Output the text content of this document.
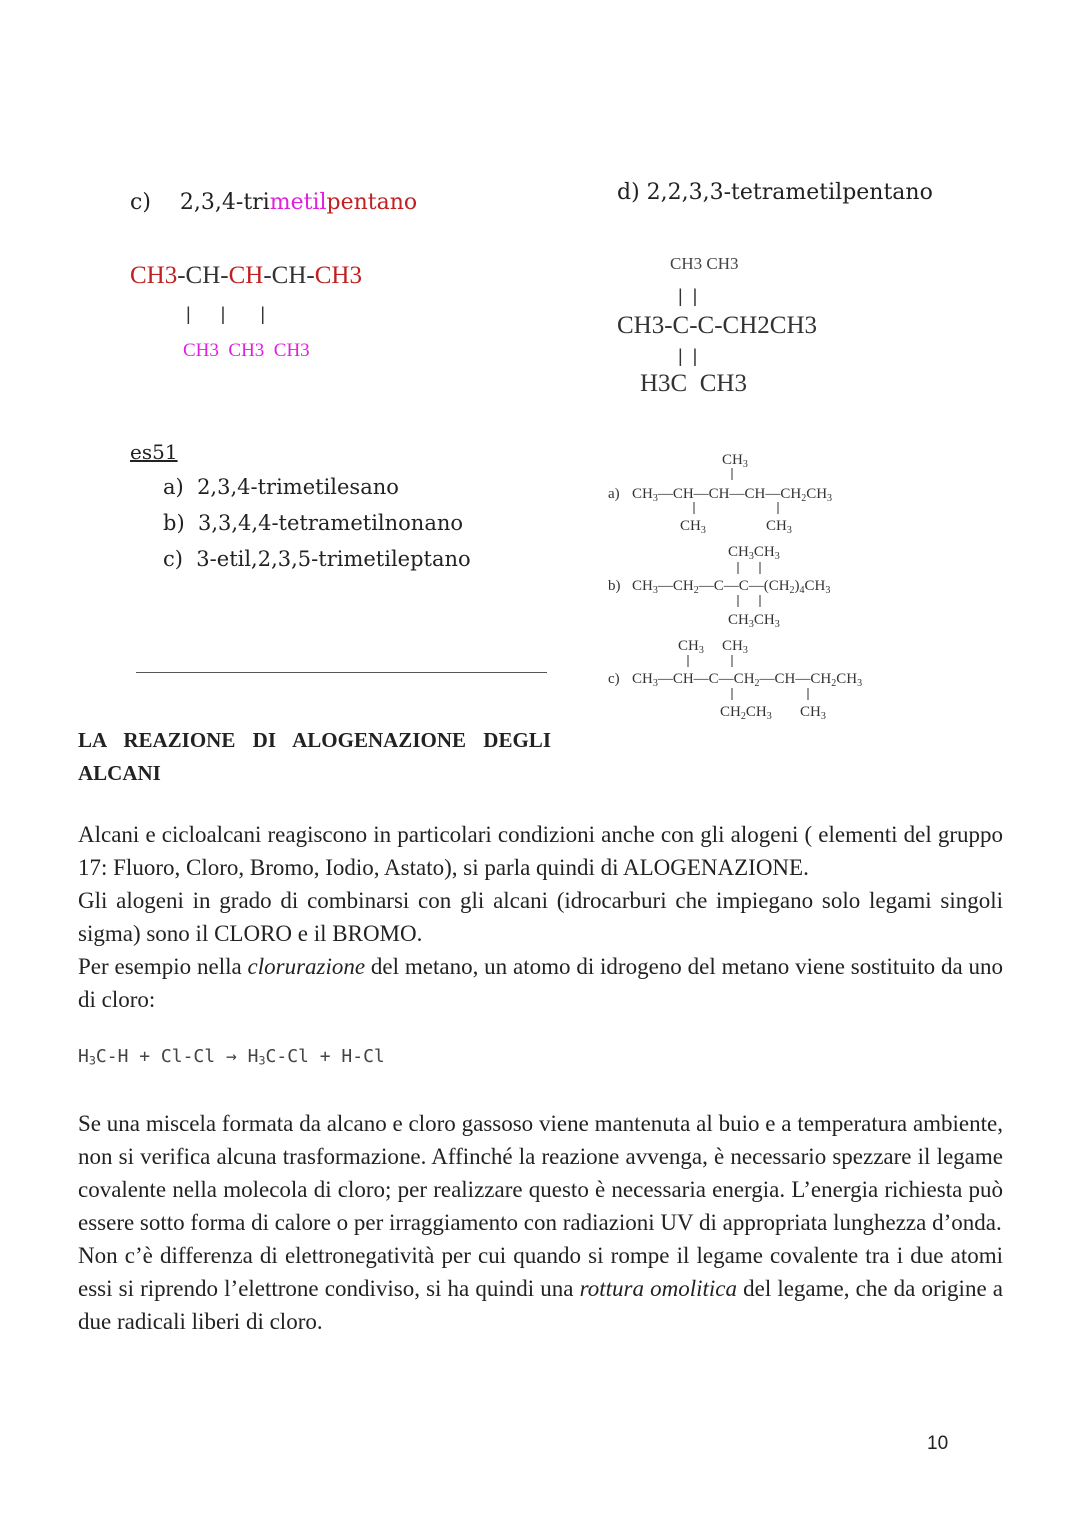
c) 2,3,4-trimetilpentano
CH3-CH-CH-CH-CH3
|      |       |
CH3  CH3  CH3
d) 2,2,3,3-tetrametilpentano
CH3 CH3
|  |
CH3-C-C-CH2CH3
|  |
H3C  CH3
es51
a)  2,3,4-trimetilesano
b)  3,3,4,4-tetrametilnonano
c)  3-etil,2,3,5-trimetileptano
$CH_3$
a) $CH_3—CH—CH—CH—CH_2CH_3$
$CH_3$	$CH_3$
$CH_3CH_3$
b) $CH_3—CH_2—C—C—(CH_2)_4CH_3$
$CH_3CH_3$
$CH_3$ $CH_3$
c) $CH_3—CH—C—CH_2—CH—CH_2CH_3$
$CH_2CH_3$ $CH_3$
LA REAZIONE DI ALOGENAZIONE DEGLI
ALCANI

Alcani e cicloalcani reagiscono in particolari condizioni anche con gli alogeni ( elementi del gruppo 17: Fluoro, Cloro, Bromo, Iodio, Astato), si parla quindi di ALOGENAZIONE.

Gli alogeni in grado di combinarsi con gli alcani (idrocarburi che impiegano solo legami singoli sigma) sono il CLORO e il BROMO.

Per esempio nella clorurazione del metano, un atomo di idrogeno del metano viene sostituito da uno di cloro:

$H_3C-H + Cl-Cl \to H_3C-Cl + H-Cl$

Se una miscela formata da alcano e cloro gassoso viene mantenuta al buio e a temperatura ambiente, non si verifica alcuna trasformazione. Affinché la reazione avvenga, è necessario spezzare il legame covalente nella molecola di cloro; per realizzare questo è necessaria energia. L’energia richiesta può essere sotto forma di calore o per irraggiamento con radiazioni UV di appropriata lunghezza d’onda.

Non c’è differenza di elettronegatività per cui quando si rompe il legame covalente tra i due atomi essi si riprendo l’elettrone condiviso, si ha quindi una rottura omolitica del legame, che da origine a due radicali liberi di cloro.

10
